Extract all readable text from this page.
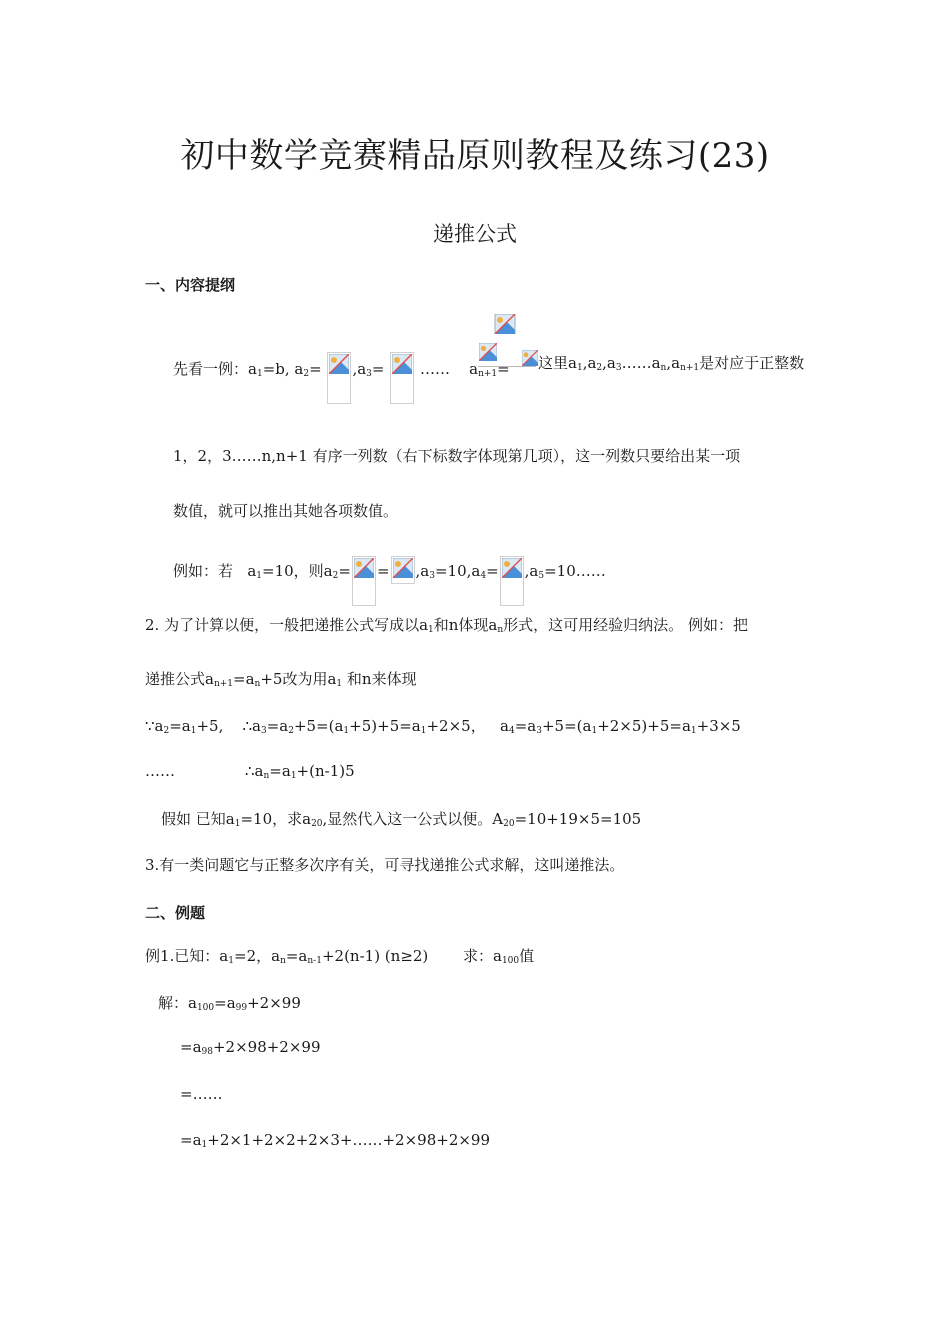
初中数学竞赛精品原则教程及练习(23)
递推公式
一、内容提纲
先看一例：$a_1=b$, $a_2= ,a_3=$ …… $a_{n+1}=$ 这里$a_1,a_2,a_3\dots\dots a_n,a_{n+1}$是对应于正整数
1，2，3……n,n+1 有序一列数（右下标数字体现第几项），这一列数只要给出某一项
数值，就可以推出其她各项数值。
例如：若 $a_1=10$，则$a_2= = ,a_3=10,a_4=$ $,a_5=10\dots\dots$
2. 为了计算以便，一般把递推公式写成以$a_1$和n体现$a_n$形式，这可用经验归纳法。 例如：把
递推公式$a_{n+1}=a_n+5$改为用$a_1$ 和n来体现
$\because a_2=a_1+5$, $\therefore a_3=a_2+5=(a_1+5)+5=a_1+2\times 5$， $a_4=a_3+5=(a_1+2\times 5)+5=a_1+3\times 5$
……	$\therefore a_n=a_1+(n-1)5$
假如 已知$a_1=10$，求$a_{20}$,显然代入这一公式以便。$A_{20}=10+19\times 5=105$
3.有一类问题它与正整多次序有关，可寻找递推公式求解，这叫递推法。
二、例题
例1.已知：$a_1=2$，$a_n=a_{n-1}+2(n-1)$ (n≥2) 求：$a_{100}$值
解：$a_{100}=a_{99}+2\times 99$
$=a_{98}+2\times 98+2\times 99$
=……
$=a_1+2\times 1+2\times 2+2\times 3+\dots\dots+2\times 98+2\times 99$
